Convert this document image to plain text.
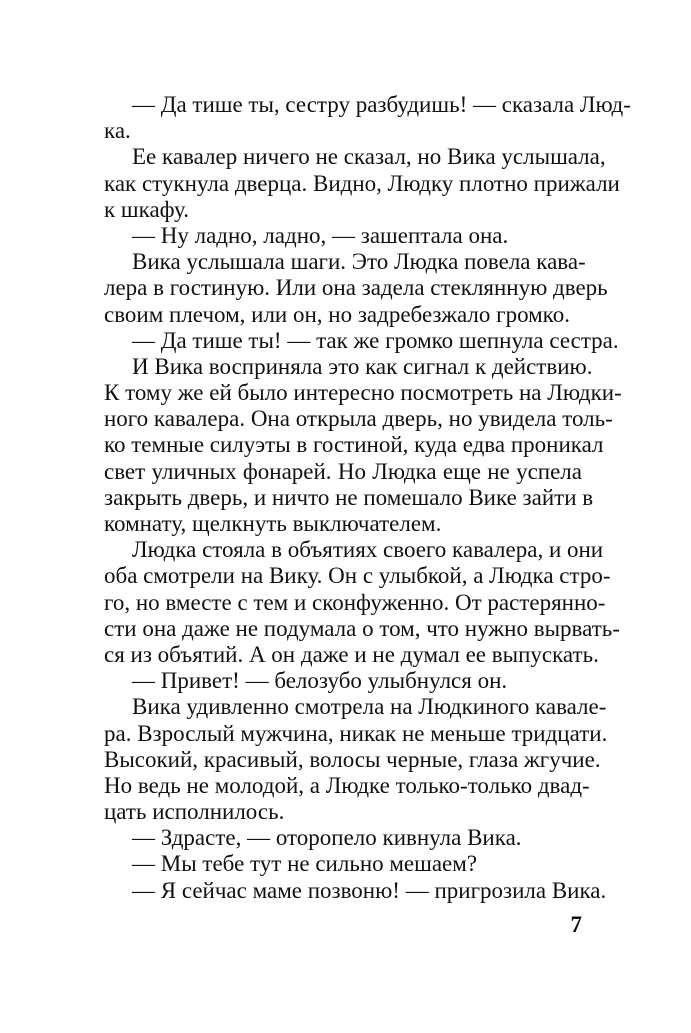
— Да тише ты, сестру разбудишь! — сказала Люд-
ка.
Ее кавалер ничего не сказал, но Вика услышала,
как стукнула дверца. Видно, Людку плотно прижали
к шкафу.
— Ну ладно, ладно, — зашептала она.
Вика услышала шаги. Это Людка повела кава-
лера в гостиную. Или она задела стеклянную дверь
своим плечом, или он, но задребезжало громко.
— Да тише ты! — так же громко шепнула сестра.
И Вика восприняла это как сигнал к действию.
К тому же ей было интересно посмотреть на Людки-
ного кавалера. Она открыла дверь, но увидела толь-
ко темные силуэты в гостиной, куда едва проникал
свет уличных фонарей. Но Людка еще не успела
закрыть дверь, и ничто не помешало Вике зайти в
комнату, щелкнуть выключателем.
Людка стояла в объятиях своего кавалера, и они
оба смотрели на Вику. Он с улыбкой, а Людка стро-
го, но вместе с тем и сконфуженно. От растерянно-
сти она даже не подумала о том, что нужно вырвать-
ся из объятий. А он даже и не думал ее выпускать.
— Привет! — белозубо улыбнулся он.
Вика удивленно смотрела на Людкиного кавале-
ра. Взрослый мужчина, никак не меньше тридцати.
Высокий, красивый, волосы черные, глаза жгучие.
Но ведь не молодой, а Людке только-только двад-
цать исполнилось.
— Здрасте, — оторопело кивнула Вика.
— Мы тебе тут не сильно мешаем?
— Я сейчас маме позвоню! — пригрозила Вика.
7
